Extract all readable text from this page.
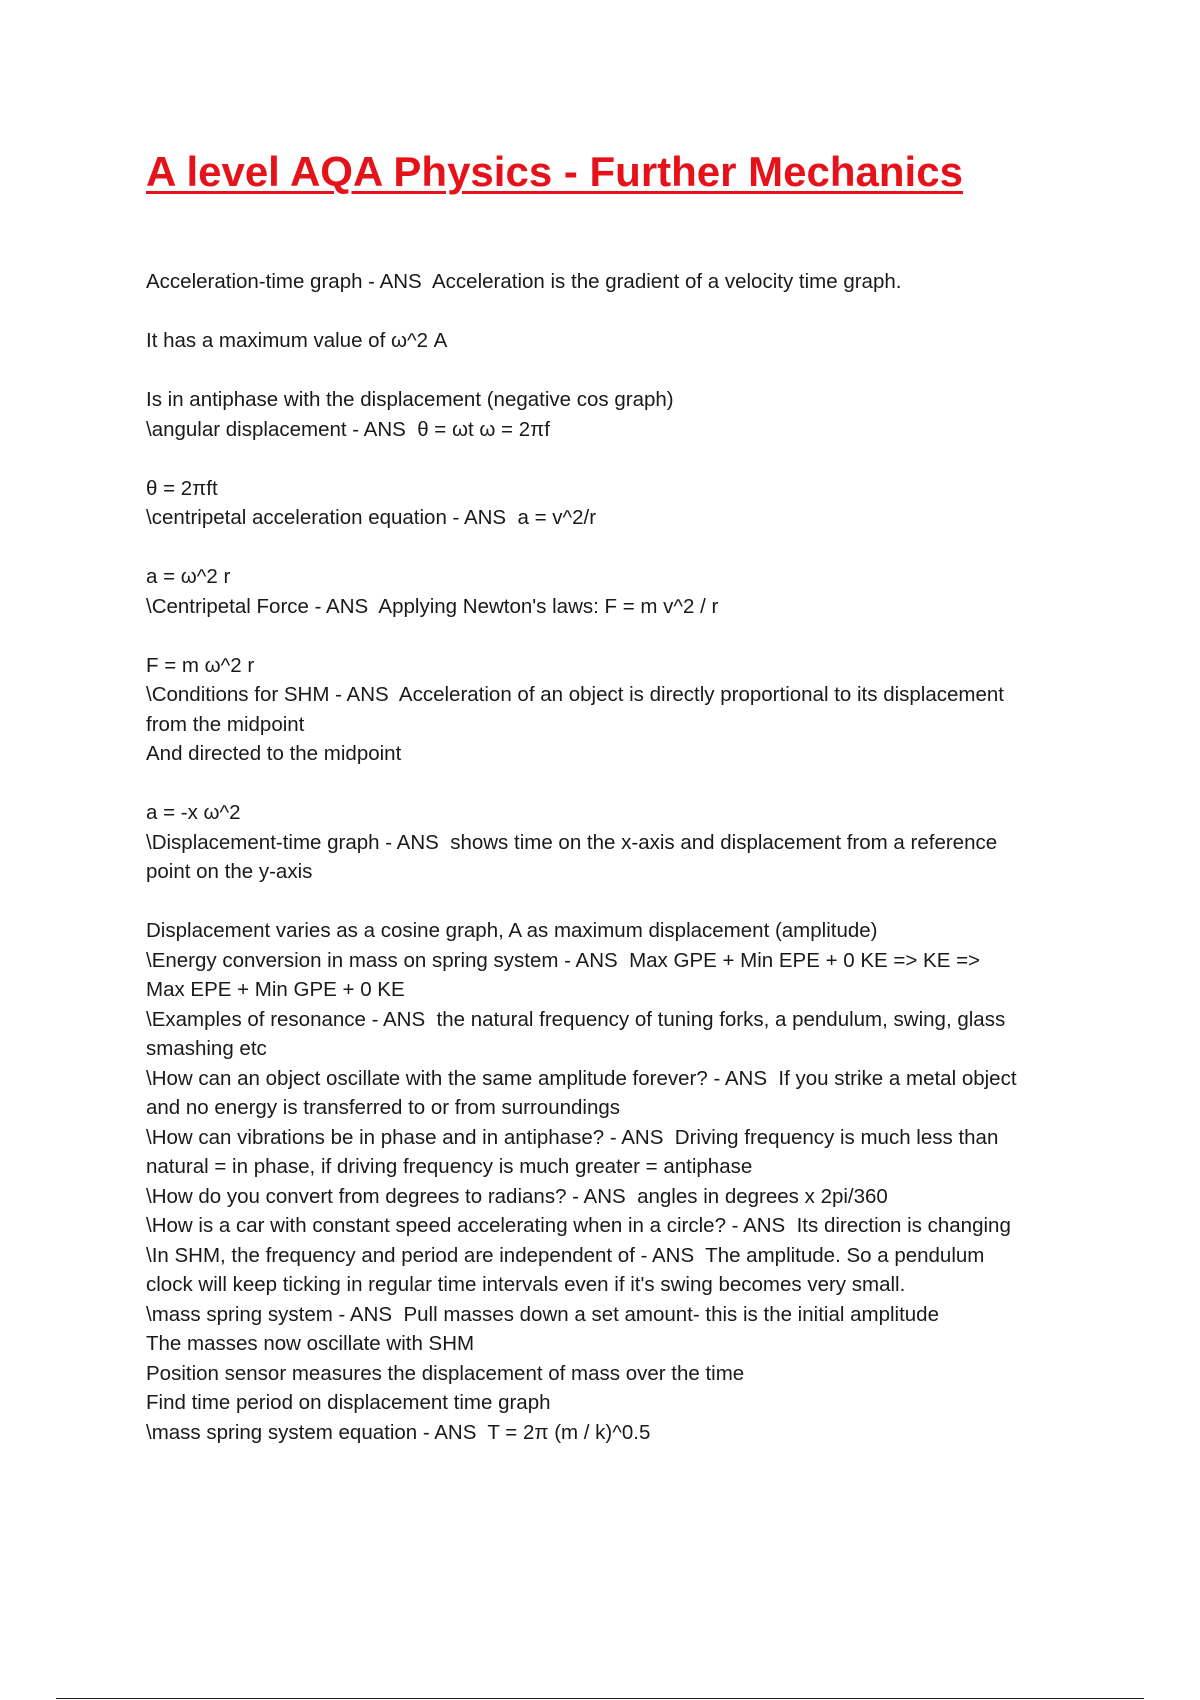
A level AQA Physics - Further Mechanics
Acceleration-time graph - ANS  Acceleration is the gradient of a velocity time graph.
It has a maximum value of ω^2 A
Is in antiphase with the displacement (negative cos graph)
\angular displacement - ANS  θ = ωt ω = 2πf
θ = 2πft
\centripetal acceleration equation - ANS  a = v^2/r
a = ω^2 r
\Centripetal Force - ANS  Applying Newton's laws: F = m v^2 / r
F = m ω^2 r
\Conditions for SHM - ANS  Acceleration of an object is directly proportional to its displacement
from the midpoint
And directed to the midpoint
a = -x ω^2
\Displacement-time graph - ANS  shows time on the x-axis and displacement from a reference
point on the y-axis
Displacement varies as a cosine graph, A as maximum displacement (amplitude)
\Energy conversion in mass on spring system - ANS  Max GPE + Min EPE + 0 KE => KE =>
Max EPE + Min GPE + 0 KE
\Examples of resonance - ANS  the natural frequency of tuning forks, a pendulum, swing, glass
smashing etc
\How can an object oscillate with the same amplitude forever? - ANS  If you strike a metal object
and no energy is transferred to or from surroundings
\How can vibrations be in phase and in antiphase? - ANS  Driving frequency is much less than
natural = in phase, if driving frequency is much greater = antiphase
\How do you convert from degrees to radians? - ANS  angles in degrees x 2pi/360
\How is a car with constant speed accelerating when in a circle? - ANS  Its direction is changing
\In SHM, the frequency and period are independent of - ANS  The amplitude. So a pendulum
clock will keep ticking in regular time intervals even if it's swing becomes very small.
\mass spring system - ANS  Pull masses down a set amount- this is the initial amplitude
The masses now oscillate with SHM
Position sensor measures the displacement of mass over the time
Find time period on displacement time graph
\mass spring system equation - ANS  T = 2π (m / k)^0.5
